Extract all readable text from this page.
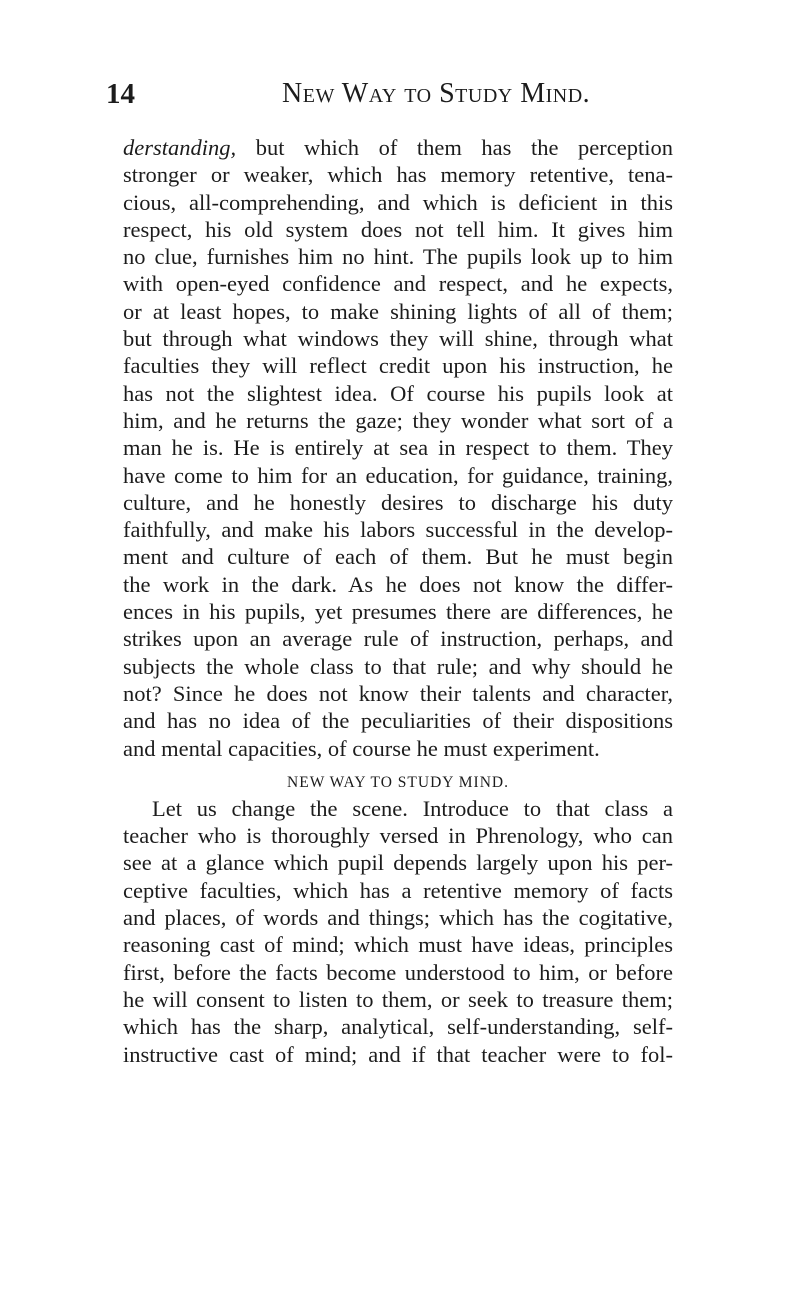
14	New Way to Study Mind.
derstanding, but which of them has the perception
stronger or weaker, which has memory retentive, tena-
cious, all-comprehending, and which is deficient in this
respect, his old system does not tell him. It gives him
no clue, furnishes him no hint. The pupils look up to him
with open-eyed confidence and respect, and he expects,
or at least hopes, to make shining lights of all of them;
but through what windows they will shine, through what
faculties they will reflect credit upon his instruction, he
has not the slightest idea. Of course his pupils look at
him, and he returns the gaze; they wonder what sort of a
man he is. He is entirely at sea in respect to them. They
have come to him for an education, for guidance, training,
culture, and he honestly desires to discharge his duty
faithfully, and make his labors successful in the develop-
ment and culture of each of them. But he must begin
the work in the dark. As he does not know the differ-
ences in his pupils, yet presumes there are differences, he
strikes upon an average rule of instruction, perhaps, and
subjects the whole class to that rule; and why should he
not? Since he does not know their talents and character,
and has no idea of the peculiarities of their dispositions
and mental capacities, of course he must experiment.
NEW WAY TO STUDY MIND.
Let us change the scene. Introduce to that class a
teacher who is thoroughly versed in Phrenology, who can
see at a glance which pupil depends largely upon his per-
ceptive faculties, which has a retentive memory of facts
and places, of words and things; which has the cogitative,
reasoning cast of mind; which must have ideas, principles
first, before the facts become understood to him, or before
he will consent to listen to them, or seek to treasure them;
which has the sharp, analytical, self-understanding, self-
instructive cast of mind; and if that teacher were to fol-
